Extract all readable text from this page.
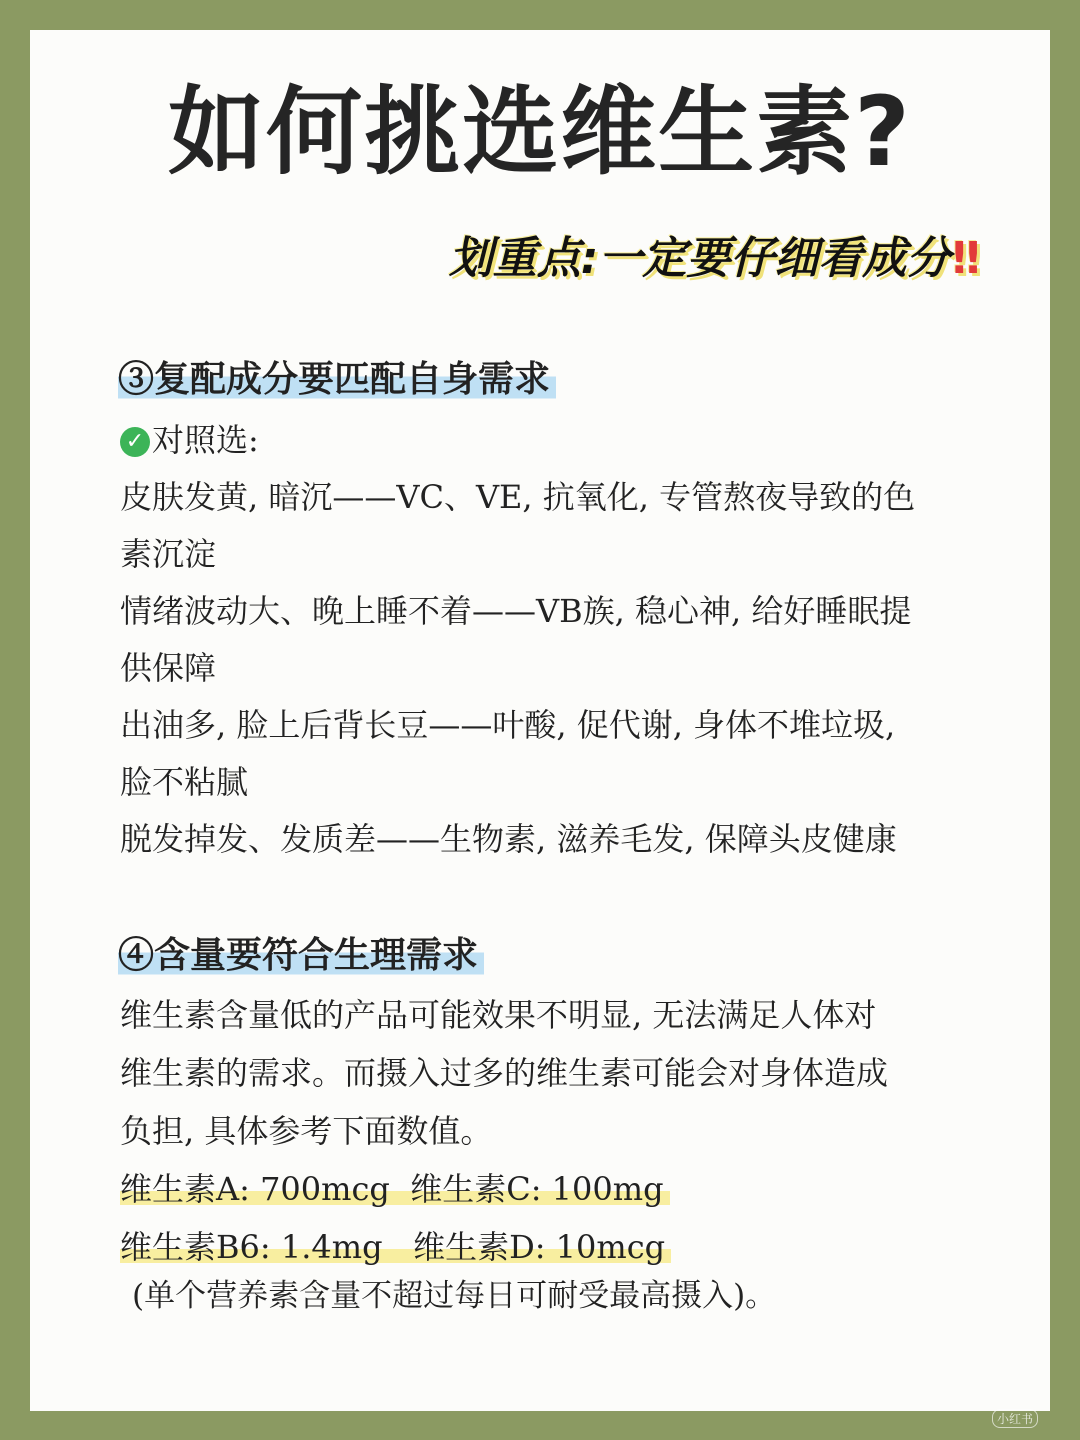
如何挑选维生素?
划重点:一定要仔细看成分‼
③复配成分要匹配自身需求
✓ 对照选:
皮肤发黄, 暗沉——VC、VE, 抗氧化, 专管熬夜导致的色
素沉淀
情绪波动大、晚上睡不着——VB族, 稳心神, 给好睡眠提
供保障
出油多, 脸上后背长豆——叶酸, 促代谢, 身体不堆垃圾,
脸不粘腻
脱发掉发、发质差——生物素, 滋养毛发, 保障头皮健康
④含量要符合生理需求
维生素含量低的产品可能效果不明显, 无法满足人体对
维生素的需求。而摄入过多的维生素可能会对身体造成
负担, 具体参考下面数值。
维生素A: 700mcg  维生素C: 100mg
维生素B6: 1.4mg   维生素D: 10mcg
(单个营养素含量不超过每日可耐受最高摄入)。
小红书
